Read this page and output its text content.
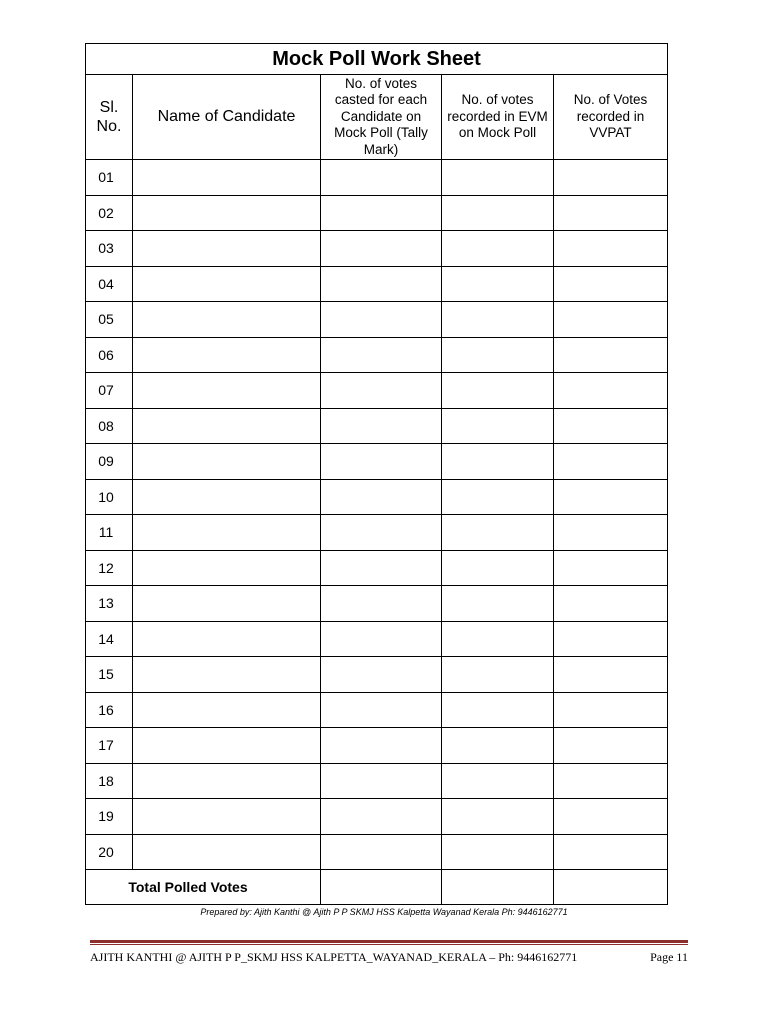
Mock Poll Work Sheet				
Sl. No.	Name of Candidate	No. of votes casted for each Candidate on Mock Poll (Tally Mark)	No. of votes recorded in EVM on Mock Poll	No. of Votes recorded in VVPAT
01				
02				
03				
04				
05				
06				
07				
08				
09				
10				
11				
12				
13				
14				
15				
16				
17				
18				
19				
20				
Total Polled Votes				
Prepared by: Ajith Kanthi @ Ajith P P SKMJ HSS Kalpetta Wayanad Kerala Ph: 9446162771
AJITH KANTHI @ AJITH P P_SKMJ HSS KALPETTA_WAYANAD_KERALA – Ph: 9446162771	Page 11
